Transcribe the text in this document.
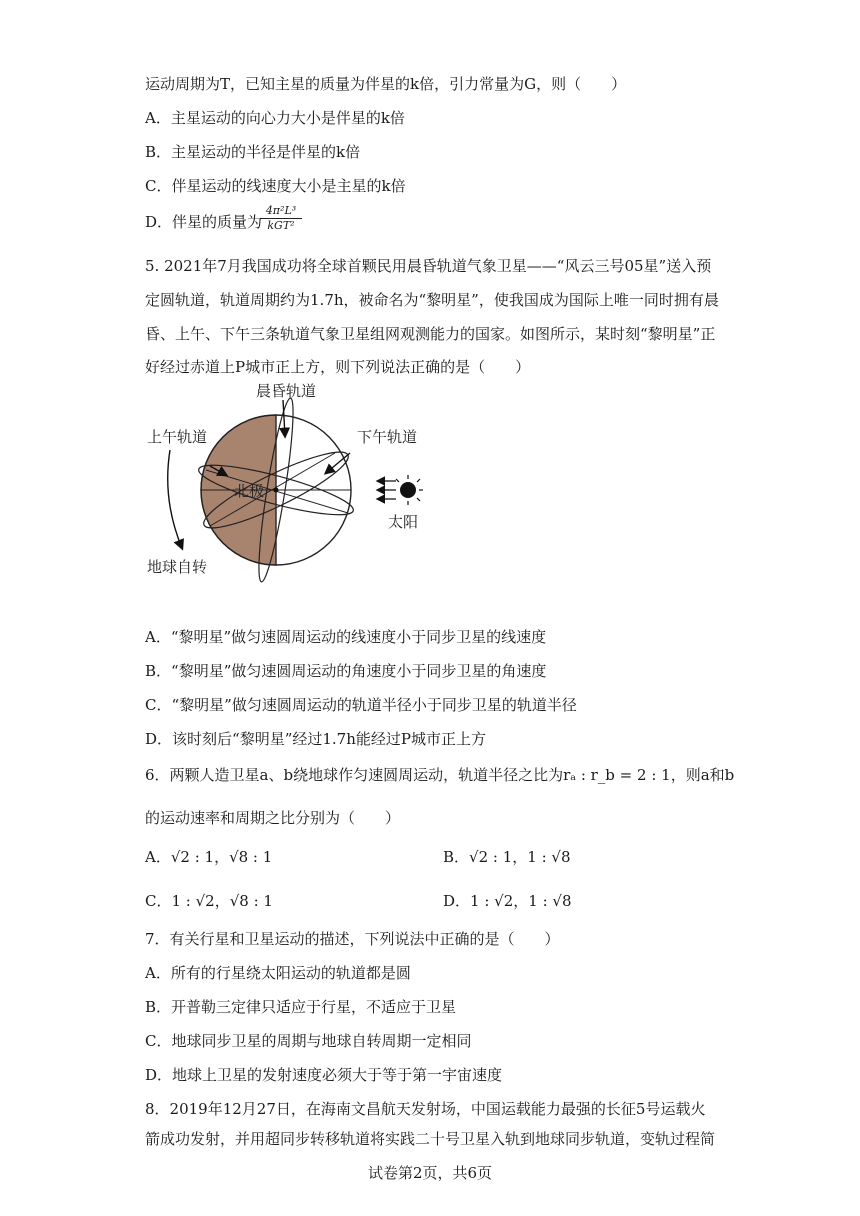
运动周期为T，已知主星的质量为伴星的k倍，引力常量为G，则（　　）
A．主星运动的向心力大小是伴星的k倍
B．主星运动的半径是伴星的k倍
C．伴星运动的线速度大小是主星的k倍
D．伴星的质量为
4π²L³
kGT²
5. 2021年7月我国成功将全球首颗民用晨昏轨道气象卫星——“风云三号05星”送入预
定圆轨道，轨道周期约为1.7h，被命名为“黎明星”，使我国成为国际上唯一同时拥有晨
昏、上午、下午三条轨道气象卫星组网观测能力的国家。如图所示，某时刻“黎明星”正
好经过赤道上P城市正上方，则下列说法正确的是（　　）
晨昏轨道
上午轨道	下午轨道
北极
太阳
地球自转
A．“黎明星”做匀速圆周运动的线速度小于同步卫星的线速度
B．“黎明星”做匀速圆周运动的角速度小于同步卫星的角速度
C．“黎明星”做匀速圆周运动的轨道半径小于同步卫星的轨道半径
D．该时刻后“黎明星”经过1.7h能经过P城市正上方
6．两颗人造卫星a、b绕地球作匀速圆周运动，轨道半径之比为rₐ : r_b = 2 : 1，则a和b
的运动速率和周期之比分别为（　　）
A．√2 : 1，√8 : 1	B．√2 : 1，1 : √8
C．1 : √2，√8 : 1	D．1 : √2，1 : √8
7．有关行星和卫星运动的描述，下列说法中正确的是（　　）
A．所有的行星绕太阳运动的轨道都是圆
B．开普勒三定律只适应于行星，不适应于卫星
C．地球同步卫星的周期与地球自转周期一定相同
D．地球上卫星的发射速度必须大于等于第一宇宙速度
8．2019年12月27日，在海南文昌航天发射场，中国运载能力最强的长征5号运载火
箭成功发射，并用超同步转移轨道将实践二十号卫星入轨到地球同步轨道，变轨过程简
试卷第2页，共6页
